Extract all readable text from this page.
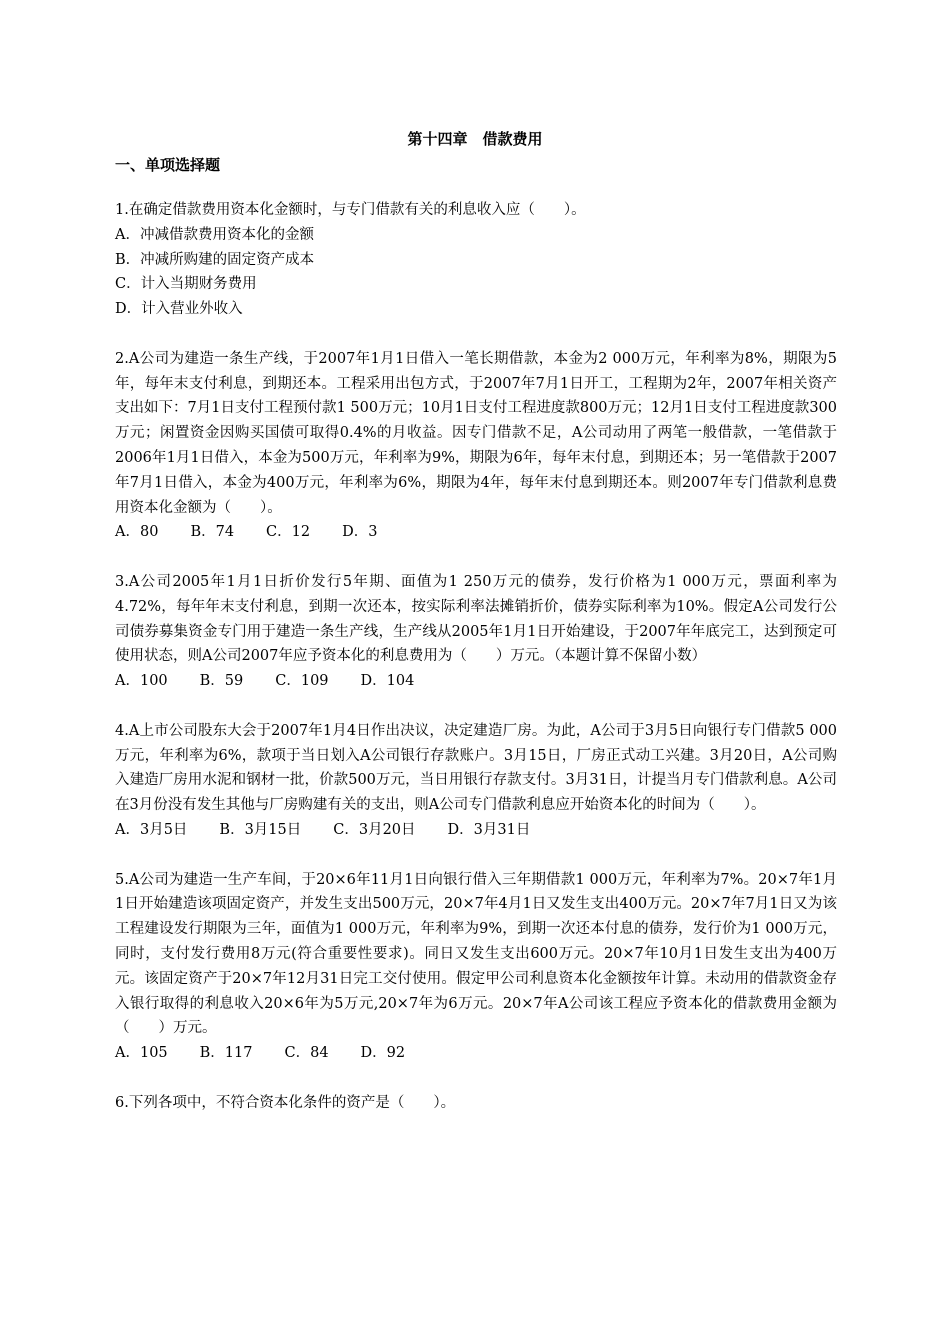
第十四章　借款费用
一、单项选择题
1.在确定借款费用资本化金额时，与专门借款有关的利息收入应（　　）。
A．冲减借款费用资本化的金额
B．冲减所购建的固定资产成本
C．计入当期财务费用
D．计入营业外收入
2.A公司为建造一条生产线，于2007年1月1日借入一笔长期借款，本金为2 000万元，年利率为8%，期限为5年，每年末支付利息，到期还本。工程采用出包方式，于2007年7月1日开工，工程期为2年，2007年相关资产支出如下：7月1日支付工程预付款1 500万元；10月1日支付工程进度款800万元；12月1日支付工程进度款300万元；闲置资金因购买国债可取得0.4%的月收益。因专门借款不足，A公司动用了两笔一般借款，一笔借款于2006年1月1日借入，本金为500万元，年利率为9%，期限为6年，每年末付息，到期还本；另一笔借款于2007年7月1日借入，本金为400万元，年利率为6%，期限为4年，每年末付息到期还本。则2007年专门借款利息费用资本化金额为（　　）。
A．80 B．74 C．12 D．3
3.A公司2005年1月1日折价发行5年期、面值为1 250万元的债券，发行价格为1 000万元，票面利率为4.72%，每年年末支付利息，到期一次还本，按实际利率法摊销折价，债券实际利率为10%。假定A公司发行公司债券募集资金专门用于建造一条生产线，生产线从2005年1月1日开始建设，于2007年年底完工，达到预定可使用状态，则A公司2007年应予资本化的利息费用为（　　）万元。（本题计算不保留小数）
A．100 B．59 C．109 D．104
4.A上市公司股东大会于2007年1月4日作出决议，决定建造厂房。为此，A公司于3月5日向银行专门借款5 000万元，年利率为6%，款项于当日划入A公司银行存款账户。3月15日，厂房正式动工兴建。3月20日，A公司购入建造厂房用水泥和钢材一批，价款500万元，当日用银行存款支付。3月31日，计提当月专门借款利息。A公司在3月份没有发生其他与厂房购建有关的支出，则A公司专门借款利息应开始资本化的时间为（　　）。
A．3月5日 B．3月15日 C．3月20日 D．3月31日
5.A公司为建造一生产车间，于20×6年11月1日向银行借入三年期借款1 000万元，年利率为7%。20×7年1月1日开始建造该项固定资产，并发生支出500万元，20×7年4月1日又发生支出400万元。20×7年7月1日又为该工程建设发行期限为三年，面值为1 000万元，年利率为9%，到期一次还本付息的债券，发行价为1 000万元，同时，支付发行费用8万元(符合重要性要求)。同日又发生支出600万元。20×7年10月1日发生支出为400万元。该固定资产于20×7年12月31日完工交付使用。假定甲公司利息资本化金额按年计算。未动用的借款资金存入银行取得的利息收入20×6年为5万元,20×7年为6万元。20×7年A公司该工程应予资本化的借款费用金额为（　　）万元。
A．105 B．117 C．84 D．92
6.下列各项中，不符合资本化条件的资产是（　　）。
